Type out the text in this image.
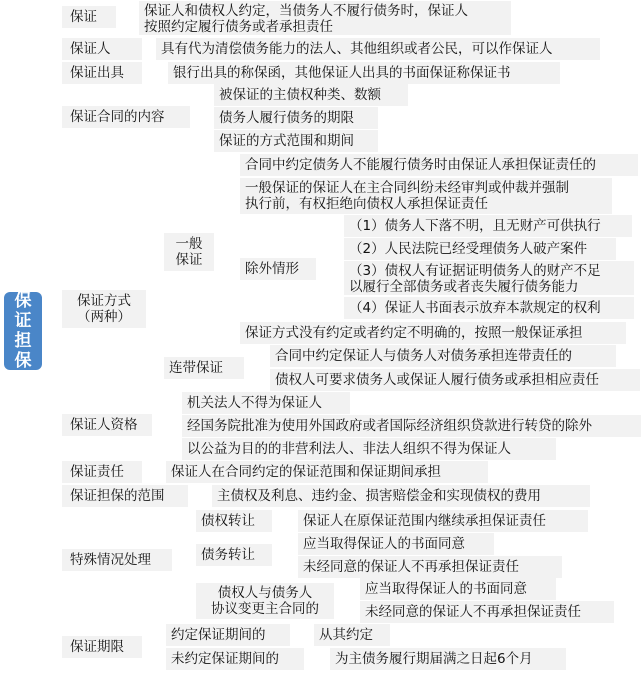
保证担保
保证	保证人和债权人约定，当债务人不履行债务时，保证人
按照约定履行债务或者承担责任
保证人	具有代为清偿债务能力的法人、其他组织或者公民，可以作保证人
保证出具	银行出具的称保函，其他保证人出具的书面保证称保证书
保证合同的内容
被保证的主债权种类、数额
债务人履行债务的期限
保证的方式范围和期间
保证方式
（两种）
一般
保证
合同中约定债务人不能履行债务时由保证人承担保证责任的
一般保证的保证人在主合同纠纷未经审判或仲裁并强制
执行前，有权拒绝向债权人承担保证责任
除外情形
（1）债务人下落不明，且无财产可供执行
（2）人民法院已经受理债务人破产案件
（3）债权人有证据证明债务人的财产不足
以履行全部债务或者丧失履行债务能力
（4）保证人书面表示放弃本款规定的权利
保证方式没有约定或者约定不明确的，按照一般保证承担
连带保证
合同中约定保证人与债务人对债务承担连带责任的
债权人可要求债务人或保证人履行债务或承担相应责任
保证人资格
机关法人不得为保证人
经国务院批准为使用外国政府或者国际经济组织贷款进行转贷的除外
以公益为目的的非营利法人、非法人组织不得为保证人
保证责任	保证人在合同约定的保证范围和保证期间承担
保证担保的范围	主债权及利息、违约金、损害赔偿金和实现债权的费用
特殊情况处理
债权转让	保证人在原保证范围内继续承担保证责任
债务转让
应当取得保证人的书面同意
未经同意的保证人不再承担保证责任
债权人与债务人
协议变更主合同的
应当取得保证人的书面同意
未经同意的保证人不再承担保证责任
保证期限
约定保证期间的	从其约定
未约定保证期间的	为主债务履行期届满之日起6个月
